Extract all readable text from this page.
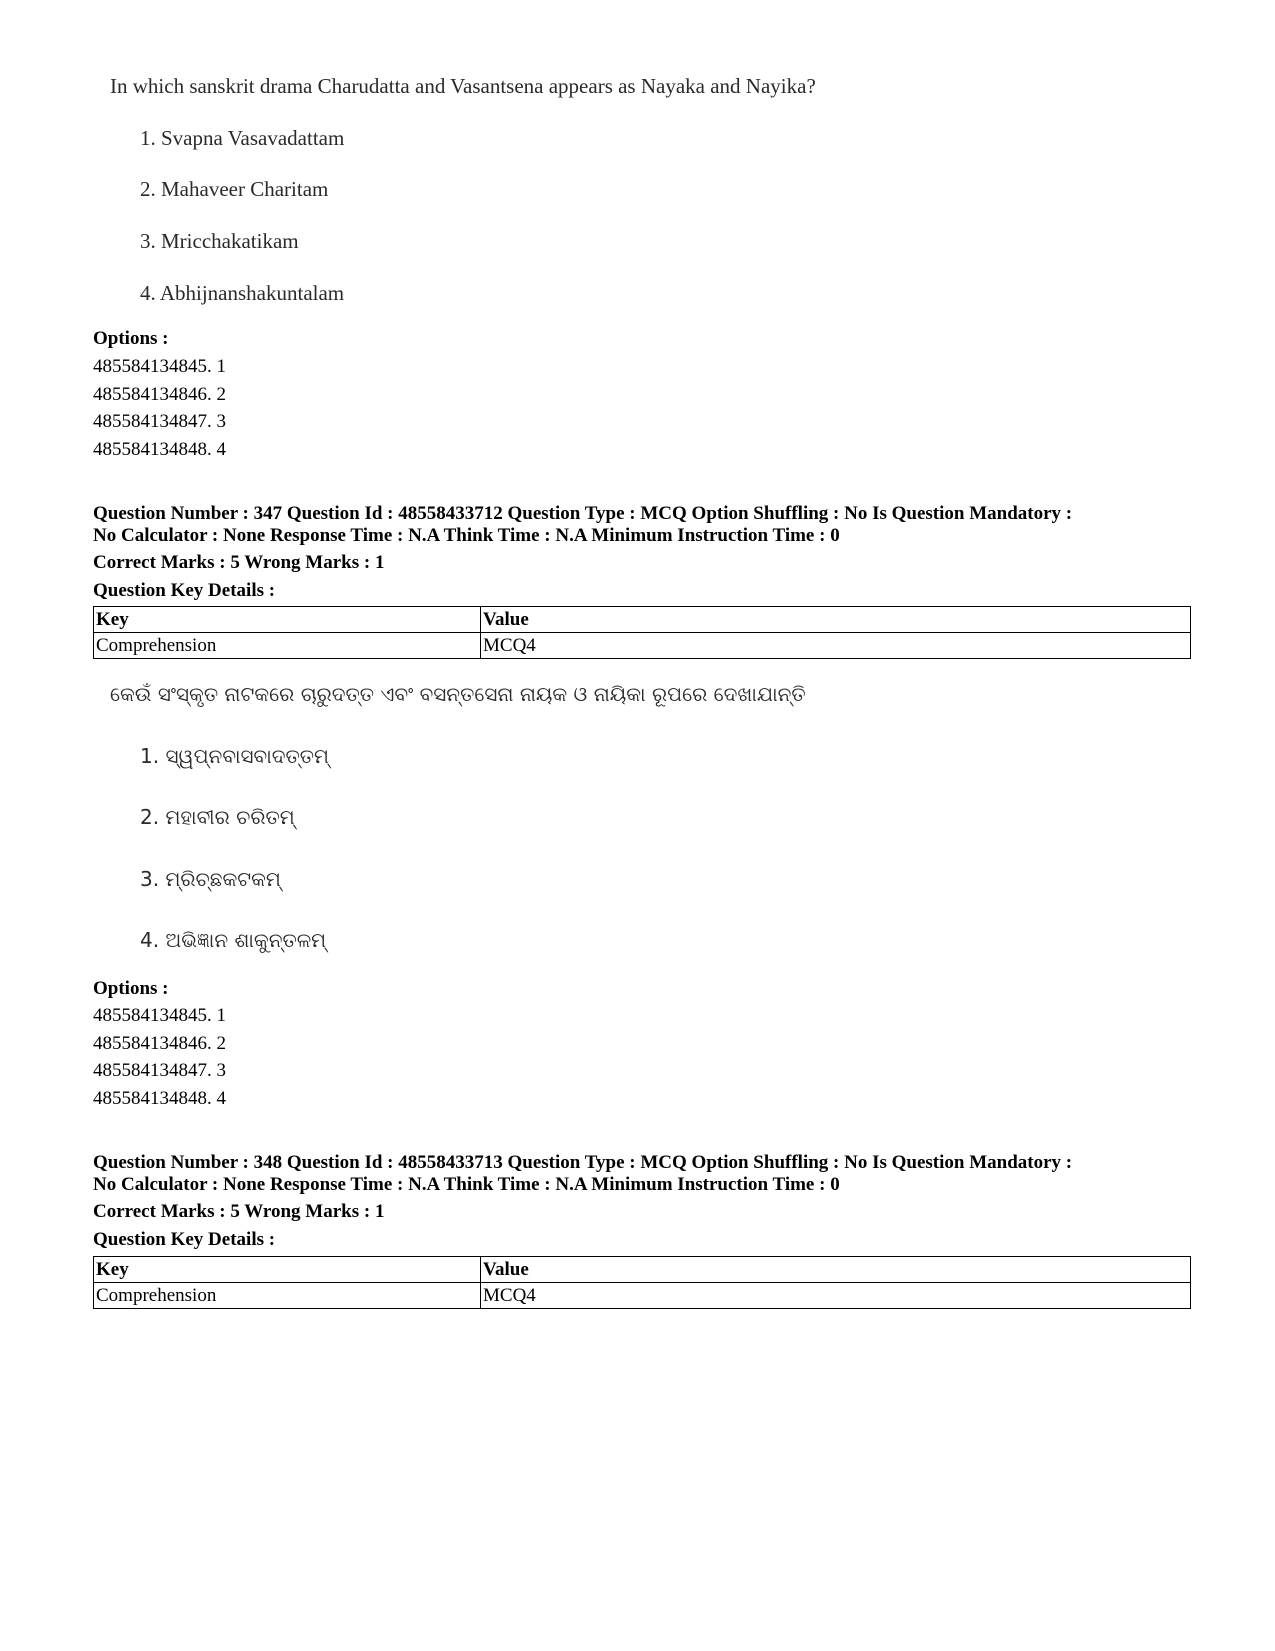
In which sanskrit drama Charudatta and Vasantsena appears as Nayaka and Nayika?

1. Svapna Vasavadattam

2. Mahaveer Charitam

3. Mricchakatikam

4. Abhijnanshakuntalam

Options :
485584134845. 1
485584134846. 2
485584134847. 3
485584134848. 4
Question Number : 347 Question Id : 48558433712 Question Type : MCQ Option Shuffling : No Is Question Mandatory :
No Calculator : None Response Time : N.A Think Time : N.A Minimum Instruction Time : 0
Correct Marks : 5 Wrong Marks : 1
Question Key Details :
Key	Value
Comprehension	MCQ4

କେଉଁ ସଂସ୍କୃତ ନାଟକରେ ଚାରୁଦତ୍ତ ଏବଂ ବସନ୍ତସେନା ନାୟକ ଓ ନାୟିକା ରୂପରେ ଦେଖାଯାନ୍ତି

1. ସ୍ୱପ୍ନବାସବାଦତ୍ତମ୍

2. ମହାବୀର ଚରିତମ୍

3. ମ୍ରିଚ୍ଛକଟକମ୍

4. ଅଭିଜ୍ଞାନ ଶାକୁନ୍ତଳମ୍

Options :
485584134845. 1
485584134846. 2
485584134847. 3
485584134848. 4
Question Number : 348 Question Id : 48558433713 Question Type : MCQ Option Shuffling : No Is Question Mandatory :
No Calculator : None Response Time : N.A Think Time : N.A Minimum Instruction Time : 0
Correct Marks : 5 Wrong Marks : 1
Question Key Details :
Key	Value
Comprehension	MCQ4
